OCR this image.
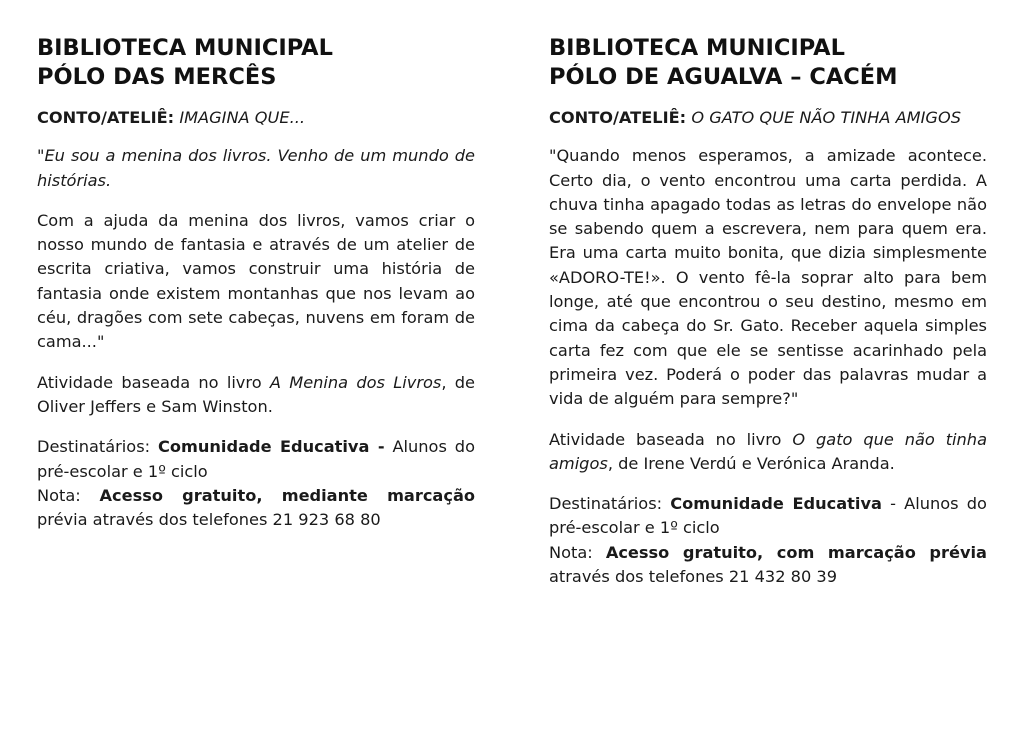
BIBLIOTECA MUNICIPAL
PÓLO DAS MERCÊS

CONTO/ATELIÊ: IMAGINA QUE...

"Eu sou a menina dos livros. Venho de um mundo de histórias.

Com a ajuda da menina dos livros, vamos criar o nosso mundo de fantasia e através de um atelier de escrita criativa, vamos construir uma história de fantasia onde existem montanhas que nos levam ao céu, dragões com sete cabeças, nuvens em foram de cama..."

Atividade baseada no livro A Menina dos Livros, de Oliver Jeffers e Sam Winston.

Destinatários: Comunidade Educativa - Alunos do pré-escolar e 1º ciclo

Nota: Acesso gratuito, mediante marcação prévia através dos telefones 21 923 68 80

BIBLIOTECA MUNICIPAL
PÓLO DE AGUALVA – CACÉM

CONTO/ATELIÊ: O GATO QUE NÃO TINHA AMIGOS

"Quando menos esperamos, a amizade acontece. Certo dia, o vento encontrou uma carta perdida. A chuva tinha apagado todas as letras do envelope não se sabendo quem a escrevera, nem para quem era. Era uma carta muito bonita, que dizia simplesmente «ADORO-TE!». O vento fê-la soprar alto para bem longe, até que encontrou o seu destino, mesmo em cima da cabeça do Sr. Gato. Receber aquela simples carta fez com que ele se sentisse acarinhado pela primeira vez. Poderá o poder das palavras mudar a vida de alguém para sempre?"

Atividade baseada no livro O gato que não tinha amigos, de Irene Verdú e Verónica Aranda.

Destinatários: Comunidade Educativa - Alunos do pré-escolar e 1º ciclo

Nota: Acesso gratuito, com marcação prévia através dos telefones 21 432 80 39
